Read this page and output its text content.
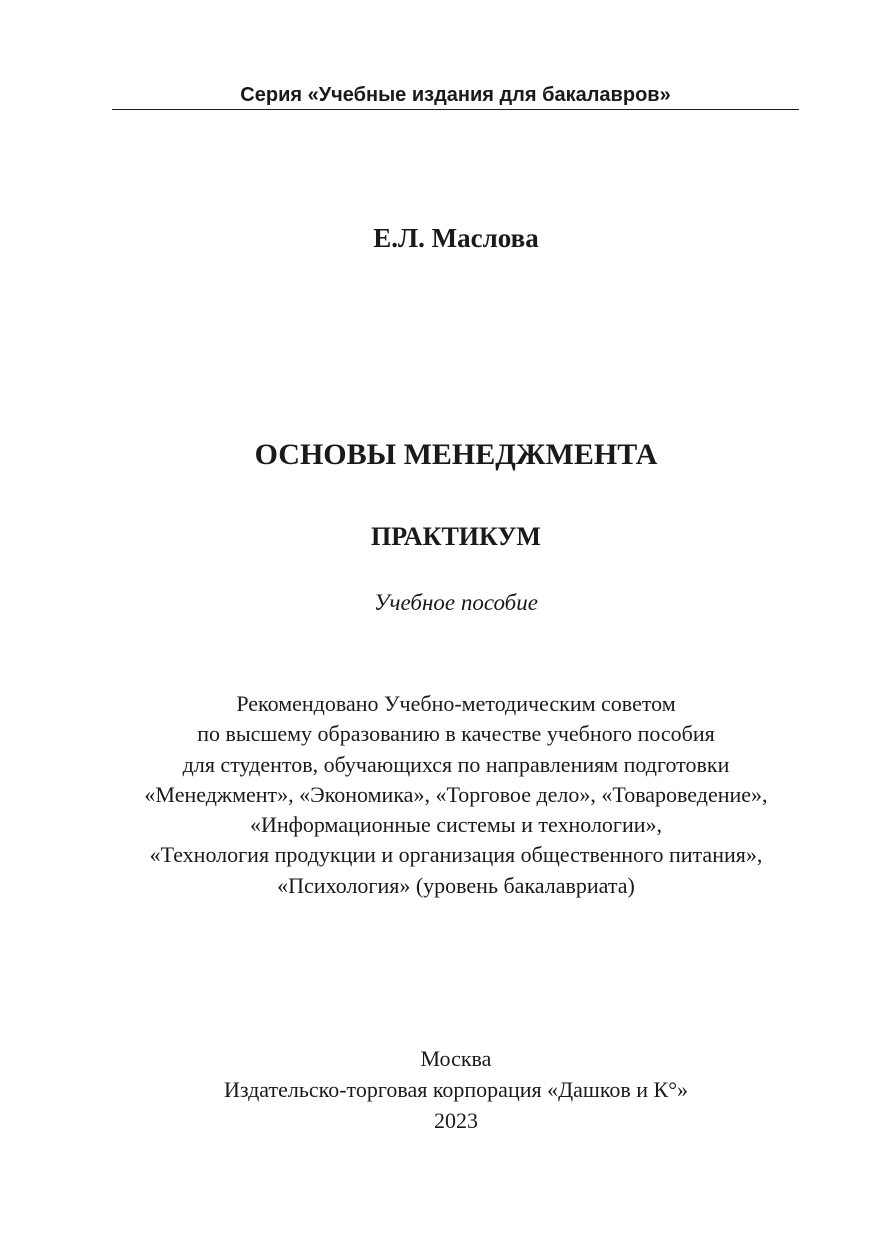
Серия «Учебные издания для бакалавров»
Е.Л. Маслова
ОСНОВЫ МЕНЕДЖМЕНТА
ПРАКТИКУМ
Учебное пособие
Рекомендовано Учебно-методическим советом
по высшему образованию в качестве учебного пособия
для студентов, обучающихся по направлениям подготовки
«Менеджмент», «Экономика», «Торговое дело», «Товароведение»,
«Информационные системы и технологии»,
«Технология продукции и организация общественного питания»,
«Психология» (уровень бакалавриата)
Москва
Издательско-торговая корпорация «Дашков и К°»
2023
